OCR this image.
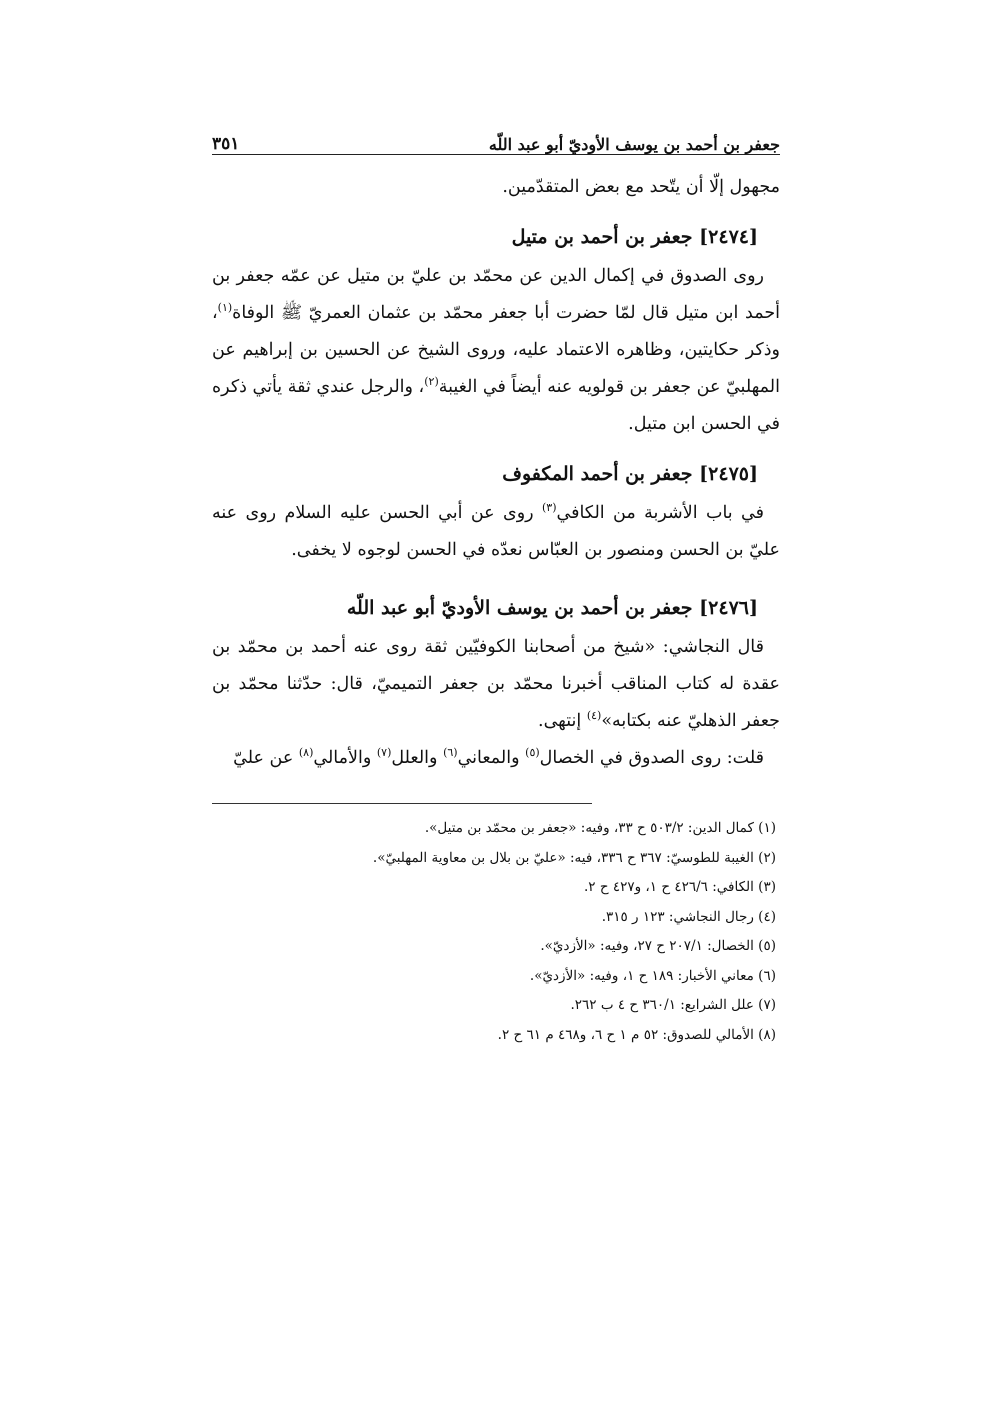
جعفر بن أحمد بن يوسف الأوديّ أبو عبد اللّه
٣٥١

مجهول إلّا أن يتّحد مع بعض المتقدّمين.

[٢٤٧٤] جعفر بن أحمد بن متيل

روى الصدوق في إكمال الدين عن محمّد بن عليّ بن متيل عن عمّه جعفر بن أحمد ابن متيل قال لمّا حضرت أبا جعفر محمّد بن عثمان العمريّ ﷺ الوفاة$^{(١)}$، وذكر حكايتين، وظاهره الاعتماد عليه، وروى الشيخ عن الحسين بن إبراهيم عن المهلبيّ عن جعفر بن قولويه عنه أيضاً في الغيبة$^{(٢)}$، والرجل عندي ثقة يأتي ذكره في الحسن ابن متيل.

[٢٤٧٥] جعفر بن أحمد المكفوف

في باب الأشربة من الكافي$^{(٣)}$ روى عن أبي الحسن عليه السلام روى عنه عليّ بن الحسن ومنصور بن العبّاس نعدّه في الحسن لوجوه لا يخفى.

[٢٤٧٦] جعفر بن أحمد بن يوسف الأوديّ أبو عبد اللّه

قال النجاشي: «شيخ من أصحابنا الكوفيّين ثقة روى عنه أحمد بن محمّد بن عقدة له كتاب المناقب أخبرنا محمّد بن جعفر التميميّ، قال: حدّثنا محمّد بن جعفر الذهليّ عنه بكتابه»$^{(٤)}$ إنتهى.

قلت: روى الصدوق في الخصال$^{(٥)}$ والمعاني$^{(٦)}$ والعلل$^{(٧)}$ والأمالي$^{(٨)}$ عن عليّ

(١) كمال الدين: ٥٠٣/٢ ح ٣٣، وفيه: «جعفر بن محمّد بن متيل».
(٢) الغيبة للطوسيّ: ٣٦٧ ح ٣٣٦، فيه: «عليّ بن بلال بن معاوية المهلبيّ».
(٣) الكافي: ٤٢٦/٦ ح ١، و٤٢٧ ح ٢.
(٤) رجال النجاشي: ١٢٣ ر ٣١٥.
(٥) الخصال: ٢٠٧/١ ح ٢٧، وفيه: «الأزديّ».
(٦) معاني الأخبار: ١٨٩ ح ١، وفيه: «الأزديّ».
(٧) علل الشرايع: ٣٦٠/١ ح ٤ ب ٢٦٢.
(٨) الأمالي للصدوق: ٥٢ م ١ ح ٦، و٤٦٨ م ٦١ ح ٢.
